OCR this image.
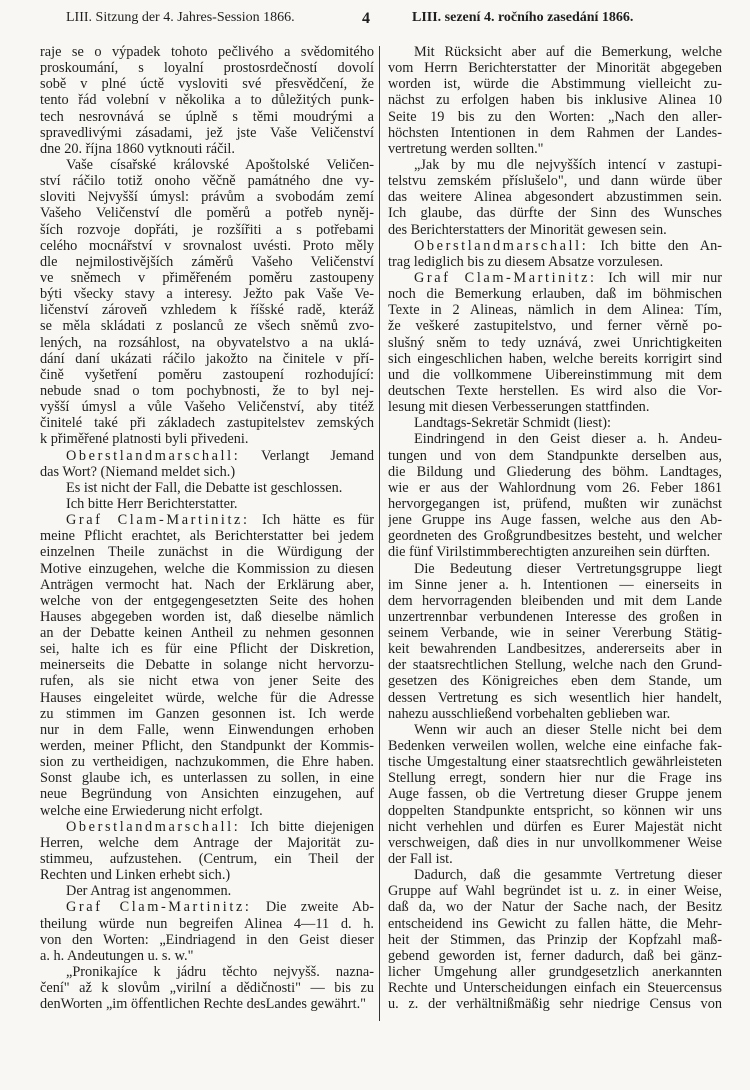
LIII. Sitzung der 4. Jahres-Session 1866.	4	LIII. sezení 4. ročního zasedání 1866.
raje se o výpadek tohoto pečlivého a svědomitého
proskoumání, s loyalní prostosrdečností dovolí
sobě v plné úctě vysloviti své přesvědčení, že
tento řád volební v několika a to důležitých punk-
tech nesrovnává se úplně s těmi moudrými a
spravedlivými zásadami, jež jste Vaše Veličenství
dne 20. října 1860 vytknouti ráčil.
Vaše císařské královské Apoštolské Veličen-
ství ráčilo totiž onoho věčně památného dne vy-
sloviti Nejvyšší úmysl: právům a svobodám zemí
Vašeho Veličenství dle poměrů a potřeb nyněj-
ších rozvoje dopřáti, je rozšířiti a s potřebami
celého mocnářství v srovnalost uvésti. Proto měly
dle nejmilostivějších záměrů Vašeho Veličenství
ve sněmech v přiměřeném poměru zastoupeny
býti všecky stavy a interesy. Ježto pak Vaše Ve-
ličenství zároveň vzhledem k říšské radě, kteráž
se měla skládati z poslanců ze všech sněmů zvo-
lených, na rozsáhlost, na obyvatelstvo a na uklá-
dání daní ukázati ráčilo jakožto na činitele v pří-
čině vyšetření poměru zastoupení rozhodující:
nebude snad o tom pochybnosti, že to byl nej-
vyšší úmysl a vůle Vašeho Veličenství, aby titéž
činitelé také při základech zastupitelstev zemských
k přiměřené platnosti byli přivedeni.
Oberstlandmarschall: Verlangt Jemand
das Wort? (Niemand meldet sich.)
Es ist nicht der Fall, die Debatte ist geschlossen.
Ich bitte Herr Berichterstatter.
Graf Clam-Martinitz: Ich hätte es für
meine Pflicht erachtet, als Berichterstatter bei jedem
einzelnen Theile zunächst in die Würdigung der
Motive einzugehen, welche die Kommission zu diesen
Anträgen vermocht hat. Nach der Erklärung aber,
welche von der entgegengesetzten Seite des hohen
Hauses abgegeben worden ist, daß dieselbe nämlich
an der Debatte keinen Antheil zu nehmen gesonnen
sei, halte ich es für eine Pflicht der Diskretion,
meinerseits die Debatte in solange nicht hervorzu-
rufen, als sie nicht etwa von jener Seite des
Hauses eingeleitet würde, welche für die Adresse
zu stimmen im Ganzen gesonnen ist. Ich werde
nur in dem Falle, wenn Einwendungen erhoben
werden, meiner Pflicht, den Standpunkt der Kommis-
sion zu vertheidigen, nachzukommen, die Ehre haben.
Sonst glaube ich, es unterlassen zu sollen, in eine
neue Begründung von Ansichten einzugehen, auf
welche eine Erwiederung nicht erfolgt.
Oberstlandmarschall: Ich bitte diejenigen
Herren, welche dem Antrage der Majorität zu-
stimmeu, aufzustehen. (Centrum, ein Theil der
Rechten und Linken erhebt sich.)
Der Antrag ist angenommen.
Graf Clam-Martinitz: Die zweite Ab-
theilung würde nun begreifen Alinea 4—11 d. h.
von den Worten: „Eindriagend in den Geist dieser
a. h. Andeutungen u. s. w."
„Pronikajíce k jádru těchto nejvyšš. nazna-
čení" až k slovům „virilní a dědičnosti" — bis zu
denWorten „im öffentlichen Rechte desLandes gewährt."
Mit Rücksicht aber auf die Bemerkung, welche
vom Herrn Berichterstatter der Minorität abgegeben
worden ist, würde die Abstimmung vielleicht zu-
nächst zu erfolgen haben bis inklusive Alinea 10
Seite 19 bis zu den Worten: „Nach den aller-
höchsten Intentionen in dem Rahmen der Landes-
vertretung werden sollten."
„Jak by mu dle nejvyšších intencí v zastupi-
telstvu zemském příslušelo", und dann würde über
das weitere Alinea abgesondert abzustimmen sein.
Ich glaube, das dürfte der Sinn des Wunsches
des Berichterstatters der Minorität gewesen sein.
Oberstlandmarschall: Ich bitte den An-
trag lediglich bis zu diesem Absatze vorzulesen.
Graf Clam-Martinitz: Ich will mir nur
noch die Bemerkung erlauben, daß im böhmischen
Texte in 2 Alineas, nämlich in dem Alinea: Tím,
že veškeré zastupitelstvo, und ferner věrně po-
slušný sněm to tedy uznává, zwei Unrichtigkeiten
sich eingeschlichen haben, welche bereits korrigirt sind
und die vollkommene Uibereinstimmung mit dem
deutschen Texte herstellen. Es wird also die Vor-
lesung mit diesen Verbesserungen stattfinden.
Landtags-Sekretär Schmidt (liest):
Eindringend in den Geist dieser a. h. Andeu-
tungen und von dem Standpunkte derselben aus,
die Bildung und Gliederung des böhm. Landtages,
wie er aus der Wahlordnung vom 26. Feber 1861
hervorgegangen ist, prüfend, mußten wir zunächst
jene Gruppe ins Auge fassen, welche aus den Ab-
geordneten des Großgrundbesitzes besteht, und welcher
die fünf Virilstimmberechtigten anzureihen sein dürften.
Die Bedeutung dieser Vertretungsgruppe liegt
im Sinne jener a. h. Intentionen — einerseits in
dem hervorragenden bleibenden und mit dem Lande
unzertrennbar verbundenen Interesse des großen in
seinem Verbande, wie in seiner Vererbung Stätig-
keit bewahrenden Landbesitzes, andererseits aber in
der staatsrechtlichen Stellung, welche nach den Grund-
gesetzen des Königreiches eben dem Stande, um
dessen Vertretung es sich wesentlich hier handelt,
nahezu ausschließend vorbehalten geblieben war.
Wenn wir auch an dieser Stelle nicht bei dem
Bedenken verweilen wollen, welche eine einfache fak-
tische Umgestaltung einer staatsrechtlich gewährleisteten
Stellung erregt, sondern hier nur die Frage ins
Auge fassen, ob die Vertretung dieser Gruppe jenem
doppelten Standpunkte entspricht, so können wir uns
nicht verhehlen und dürfen es Eurer Majestät nicht
verschweigen, daß dies in nur unvollkommener Weise
der Fall ist.
Dadurch, daß die gesammte Vertretung dieser
Gruppe auf Wahl begründet ist u. z. in einer Weise,
daß da, wo der Natur der Sache nach, der Besitz
entscheidend ins Gewicht zu fallen hätte, die Mehr-
heit der Stimmen, das Prinzip der Kopfzahl maß-
gebend geworden ist, ferner dadurch, daß bei gänz-
licher Umgehung aller grundgesetzlich anerkannten
Rechte und Unterscheidungen einfach ein Steuercensus
u. z. der verhältnißmäßig sehr niedrige Census von
